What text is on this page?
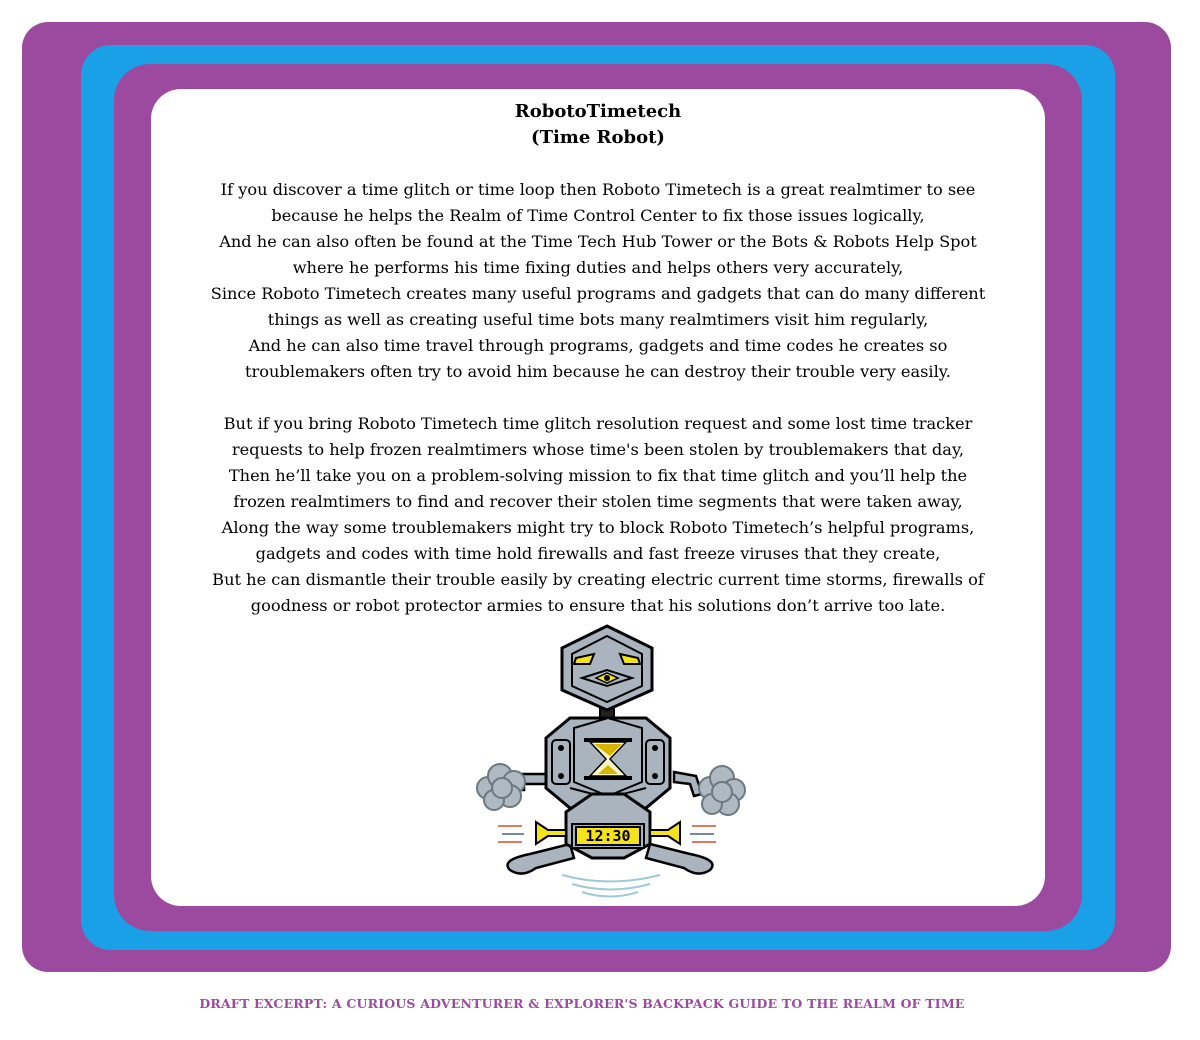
RobotoTimetech
(Time Robot)

If you discover a time glitch or time loop then Roboto Timetech is a great realmtimer to see
because he helps the Realm of Time Control Center to fix those issues logically,
And he can also often be found at the Time Tech Hub Tower or the Bots & Robots Help Spot
where he performs his time fixing duties and helps others very accurately,
Since Roboto Timetech creates many useful programs and gadgets that can do many different
things as well as creating useful time bots many realmtimers visit him regularly,
And he can also time travel through programs, gadgets and time codes he creates so
troublemakers often try to avoid him because he can destroy their trouble very easily.

But if you bring Roboto Timetech time glitch resolution request and some lost time tracker
requests to help frozen realmtimers whose time's been stolen by troublemakers that day,
Then he’ll take you on a problem-solving mission to fix that time glitch and you’ll help the
frozen realmtimers to find and recover their stolen time segments that were taken away,
Along the way some troublemakers might try to block Roboto Timetech’s helpful programs,
gadgets and codes with time hold firewalls and fast freeze viruses that they create,
But he can dismantle their trouble easily by creating electric current time storms, firewalls of
goodness or robot protector armies to ensure that his solutions don’t arrive too late.

12:30
DRAFT EXCERPT: A CURIOUS ADVENTURER & EXPLORER'S BACKPACK GUIDE TO THE REALM OF TIME
